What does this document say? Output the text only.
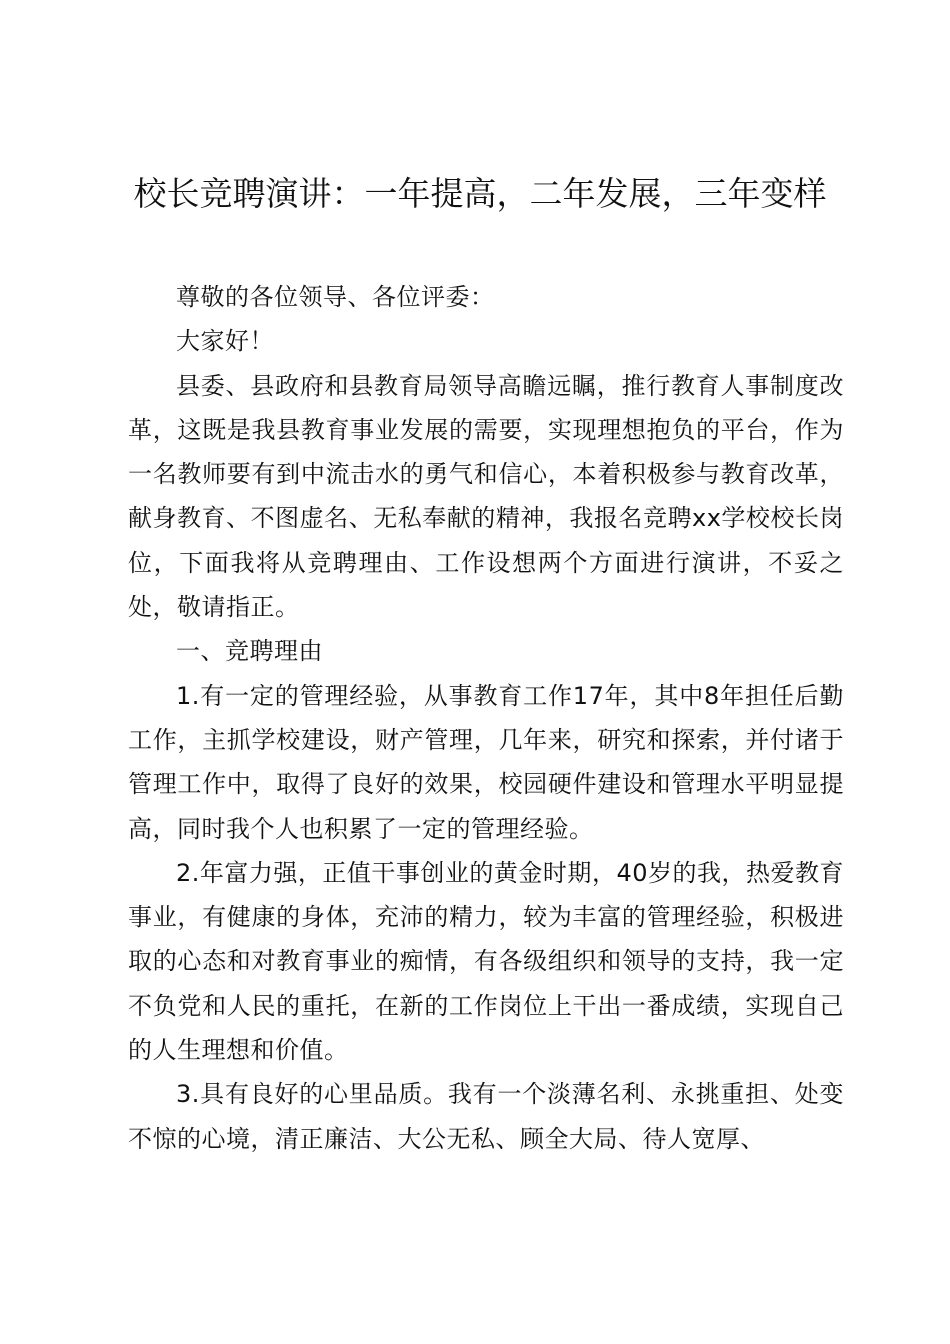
校长竞聘演讲：一年提高，二年发展，三年变样

尊敬的各位领导、各位评委：

大家好！

县委、县政府和县教育局领导高瞻远瞩，推行教育人事制度改革，这既是我县教育事业发展的需要，实现理想抱负的平台，作为一名教师要有到中流击水的勇气和信心，本着积极参与教育改革，献身教育、不图虚名、无私奉献的精神，我报名竞聘xx学校校长岗位，下面我将从竞聘理由、工作设想两个方面进行演讲，不妥之处，敬请指正。

一、竞聘理由

1.有一定的管理经验，从事教育工作17年，其中8年担任后勤工作，主抓学校建设，财产管理，几年来，研究和探索，并付诸于管理工作中，取得了良好的效果，校园硬件建设和管理水平明显提高，同时我个人也积累了一定的管理经验。

2.年富力强，正值干事创业的黄金时期，40岁的我，热爱教育事业，有健康的身体，充沛的精力，较为丰富的管理经验，积极进取的心态和对教育事业的痴情，有各级组织和领导的支持，我一定不负党和人民的重托，在新的工作岗位上干出一番成绩，实现自己的人生理想和价值。

3.具有良好的心里品质。我有一个淡薄名利、永挑重担、处变不惊的心境，清正廉洁、大公无私、顾全大局、待人宽厚、
